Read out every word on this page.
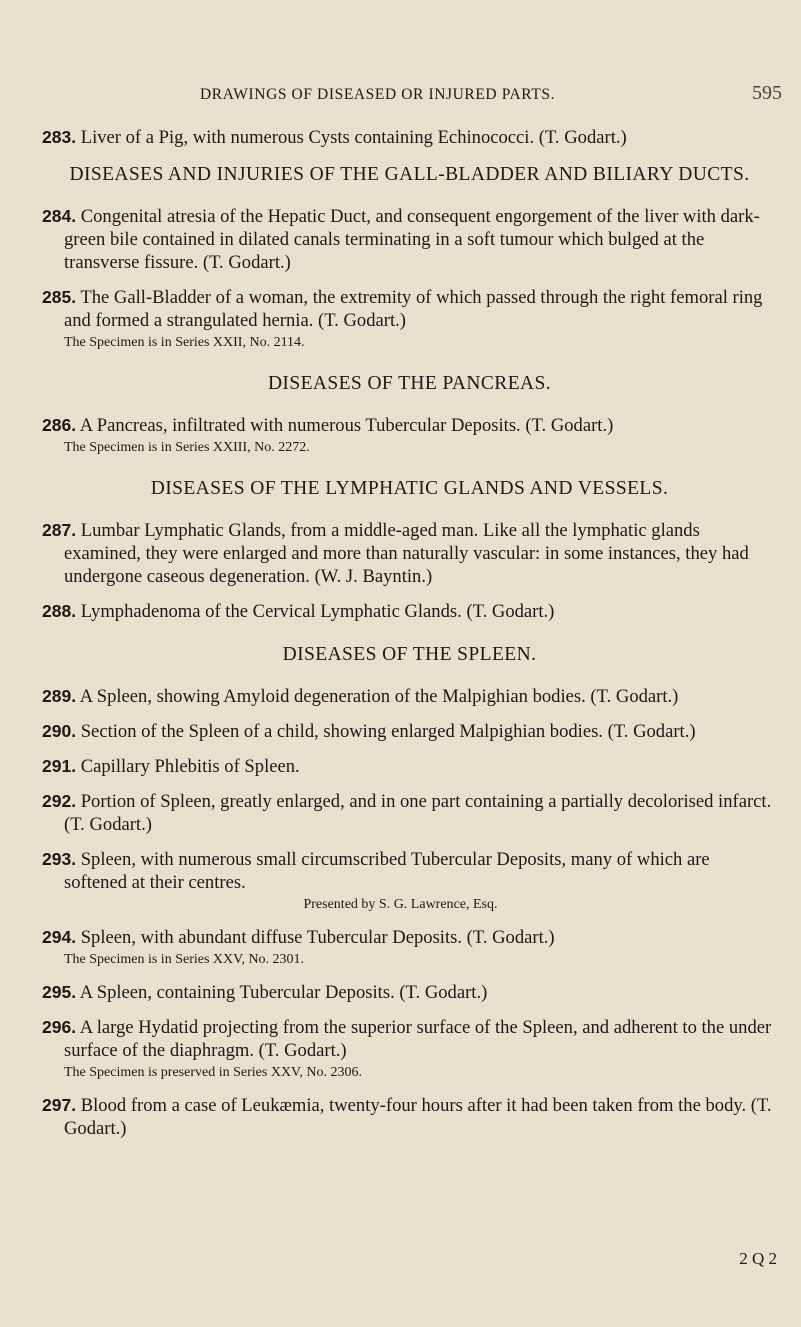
DRAWINGS OF DISEASED OR INJURED PARTS.	595
283. Liver of a Pig, with numerous Cysts containing Echinococci. (T. Godart.)
DISEASES AND INJURIES OF THE GALL-BLADDER AND BILIARY DUCTS.
284. Congenital atresia of the Hepatic Duct, and consequent engorgement of the liver with dark-green bile contained in dilated canals terminating in a soft tumour which bulged at the transverse fissure. (T. Godart.)
285. The Gall-Bladder of a woman, the extremity of which passed through the right femoral ring and formed a strangulated hernia. (T. Godart.)
The Specimen is in Series XXII, No. 2114.
DISEASES OF THE PANCREAS.
286. A Pancreas, infiltrated with numerous Tubercular Deposits. (T. Godart.)
The Specimen is in Series XXIII, No. 2272.
DISEASES OF THE LYMPHATIC GLANDS AND VESSELS.
287. Lumbar Lymphatic Glands, from a middle-aged man. Like all the lymphatic glands examined, they were enlarged and more than naturally vascular: in some instances, they had undergone caseous degeneration. (W. J. Bayntin.)
288. Lymphadenoma of the Cervical Lymphatic Glands. (T. Godart.)
DISEASES OF THE SPLEEN.
289. A Spleen, showing Amyloid degeneration of the Malpighian bodies. (T. Godart.)
290. Section of the Spleen of a child, showing enlarged Malpighian bodies. (T. Godart.)
291. Capillary Phlebitis of Spleen.
292. Portion of Spleen, greatly enlarged, and in one part containing a partially decolorised infarct. (T. Godart.)
293. Spleen, with numerous small circumscribed Tubercular Deposits, many of which are softened at their centres.
Presented by S. G. Lawrence, Esq.
294. Spleen, with abundant diffuse Tubercular Deposits. (T. Godart.)
The Specimen is in Series XXV, No. 2301.
295. A Spleen, containing Tubercular Deposits. (T. Godart.)
296. A large Hydatid projecting from the superior surface of the Spleen, and adherent to the under surface of the diaphragm. (T. Godart.)
The Specimen is preserved in Series XXV, No. 2306.
297. Blood from a case of Leukæmia, twenty-four hours after it had been taken from the body. (T. Godart.)
2 Q 2
